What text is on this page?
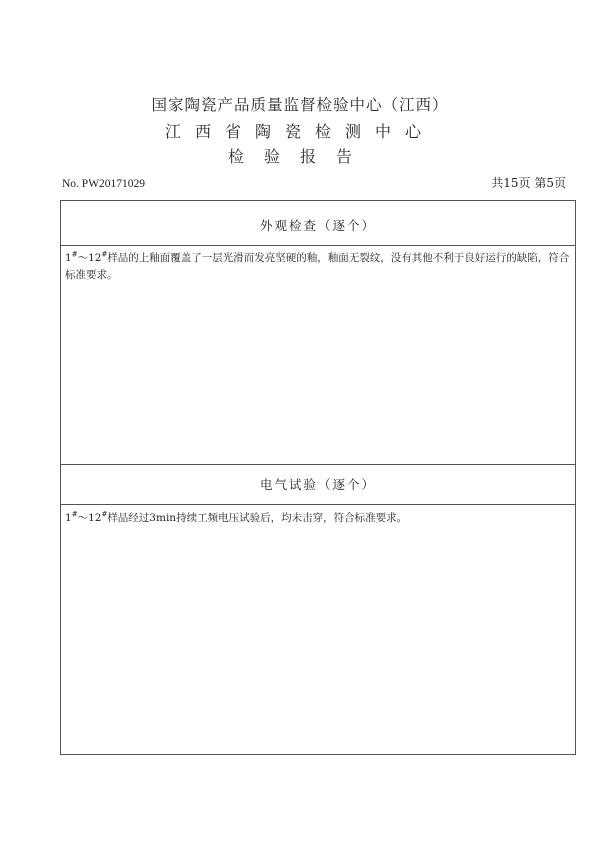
国家陶瓷产品质量监督检验中心（江西）
江西省陶瓷检测中心
检验报告
No. PW20171029	共15页 第5页
外观检查（逐个）
1#～12#样品的上釉面覆盖了一层光滑而发亮坚硬的釉，釉面无裂纹，没有其他不利于良好运行的缺陷，符合标准要求。
电气试验（逐个）
1#～12#样品经过3min持续工频电压试验后，均未击穿，符合标准要求。
